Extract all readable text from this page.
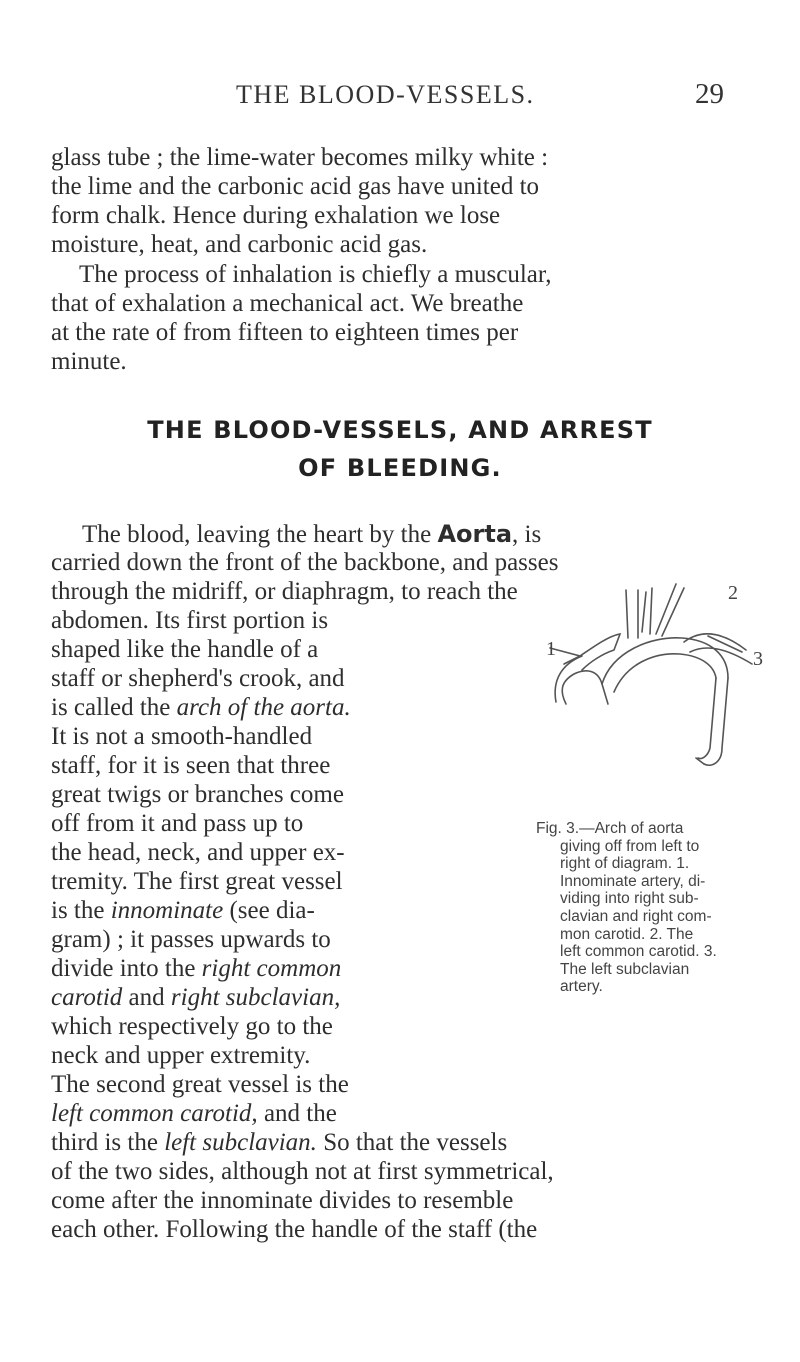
THE BLOOD-VESSELS.	29
glass tube ; the lime-water becomes milky white :
the lime and the carbonic acid gas have united to
form chalk. Hence during exhalation we lose
moisture, heat, and carbonic acid gas.
The process of inhalation is chiefly a muscular,
that of exhalation a mechanical act. We breathe
at the rate of from fifteen to eighteen times per
minute.
THE BLOOD-VESSELS, AND ARREST
OF BLEEDING.
The blood, leaving the heart by the Aorta, is
carried down the front of the backbone, and passes
through the midriff, or diaphragm, to reach the
abdomen. Its first portion is
shaped like the handle of a
staff or shepherd's crook, and
is called the arch of the aorta.
It is not a smooth-handled
staff, for it is seen that three
great twigs or branches come
off from it and pass up to
the head, neck, and upper ex-
tremity. The first great vessel
is the innominate (see dia-
gram) ; it passes upwards to
divide into the right common
carotid and right subclavian,
which respectively go to the
neck and upper extremity.
The second great vessel is the
left common carotid, and the
third is the left subclavian. So that the vessels
of the two sides, although not at first symmetrical,
come after the innominate divides to resemble
each other. Following the handle of the staff (the
1
2
3
Fig. 3.—Arch of aorta
giving off from left to
right of diagram. 1.
Innominate artery, di-
viding into right sub-
clavian and right com-
mon carotid. 2. The
left common carotid. 3.
The left subclavian
artery.
